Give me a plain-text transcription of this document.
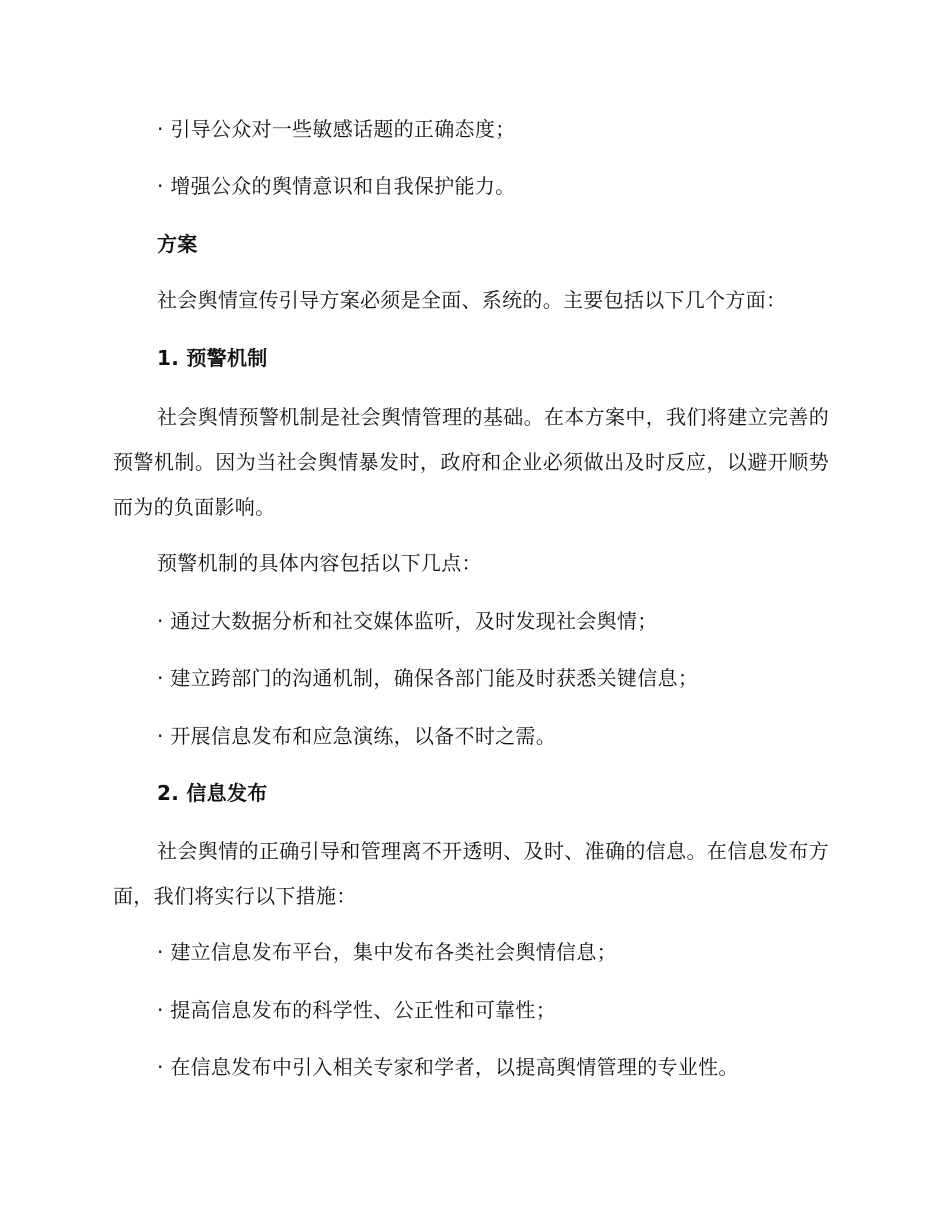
· 引导公众对一些敏感话题的正确态度；

· 增强公众的舆情意识和自我保护能力。

方案

社会舆情宣传引导方案必须是全面、系统的。主要包括以下几个方面：

1. 预警机制

社会舆情预警机制是社会舆情管理的基础。在本方案中，我们将建立完善的预警机制。因为当社会舆情暴发时，政府和企业必须做出及时反应，以避开顺势而为的负面影响。

预警机制的具体内容包括以下几点：

· 通过大数据分析和社交媒体监听，及时发现社会舆情；

· 建立跨部门的沟通机制，确保各部门能及时获悉关键信息；

· 开展信息发布和应急演练，以备不时之需。

2. 信息发布

社会舆情的正确引导和管理离不开透明、及时、准确的信息。在信息发布方面，我们将实行以下措施：

· 建立信息发布平台，集中发布各类社会舆情信息；

· 提高信息发布的科学性、公正性和可靠性；

· 在信息发布中引入相关专家和学者，以提高舆情管理的专业性。
